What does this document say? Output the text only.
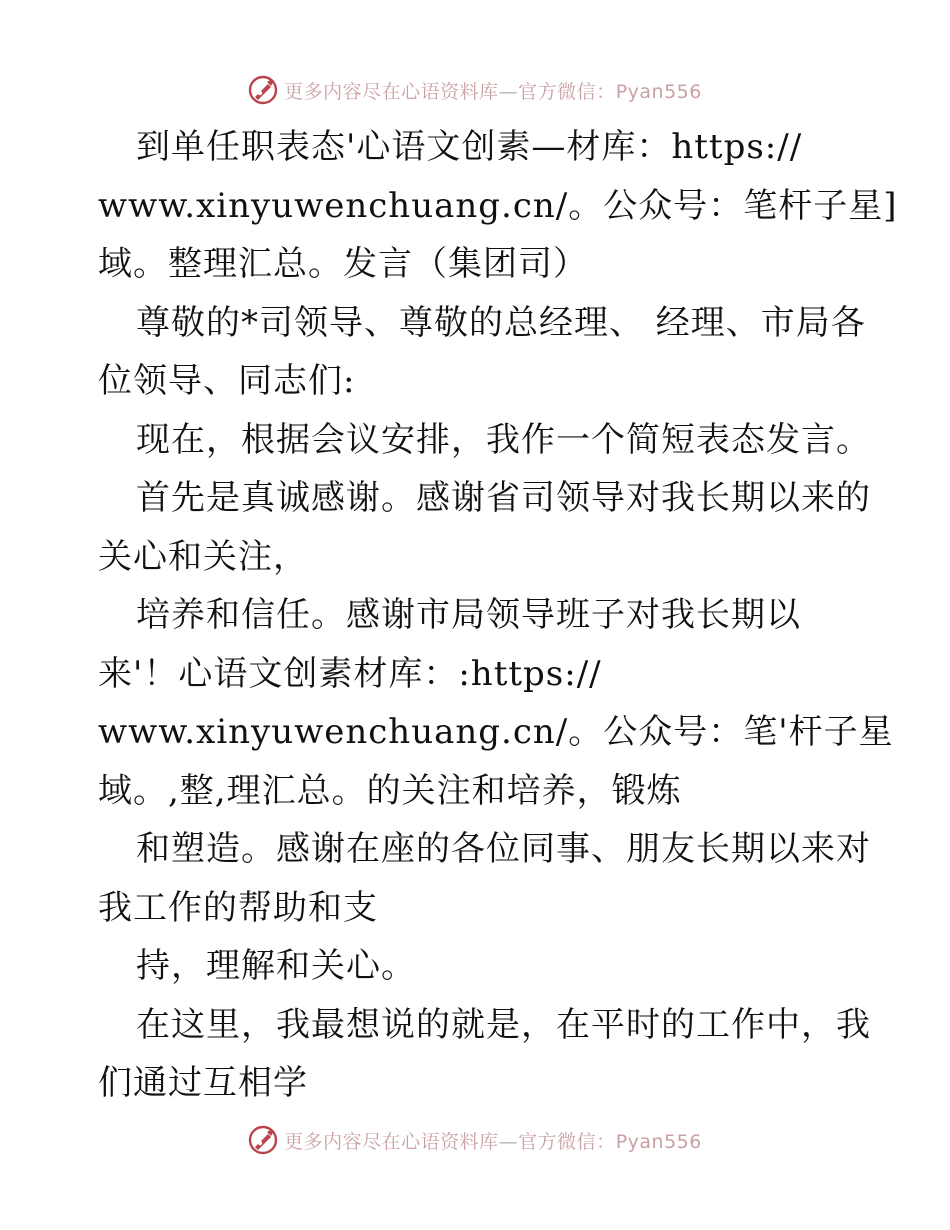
更多内容尽在心语资料库—官方微信：Pyan556
到单任职表态'心语文创素—材库：https://
www.xinyuwenchuang.cn/。公众号：笔杆子星]
域。整理汇总。发言（集团司）
尊敬的*司领导、尊敬的总经理、 经理、市局各
位领导、同志们:
现在，根据会议安排，我作一个简短表态发言。
首先是真诚感谢。感谢省司领导对我长期以来的
关心和关注，
培养和信任。感谢市局领导班子对我长期以
来'！心语文创素材库：:https://
www.xinyuwenchuang.cn/。公众号：笔'杆子星
域。,整,理汇总。的关注和培养，锻炼
和塑造。感谢在座的各位同事、朋友长期以来对
我工作的帮助和支
持，理解和关心。
在这里，我最想说的就是，在平时的工作中，我
们通过互相学
更多内容尽在心语资料库—官方微信：Pyan556
